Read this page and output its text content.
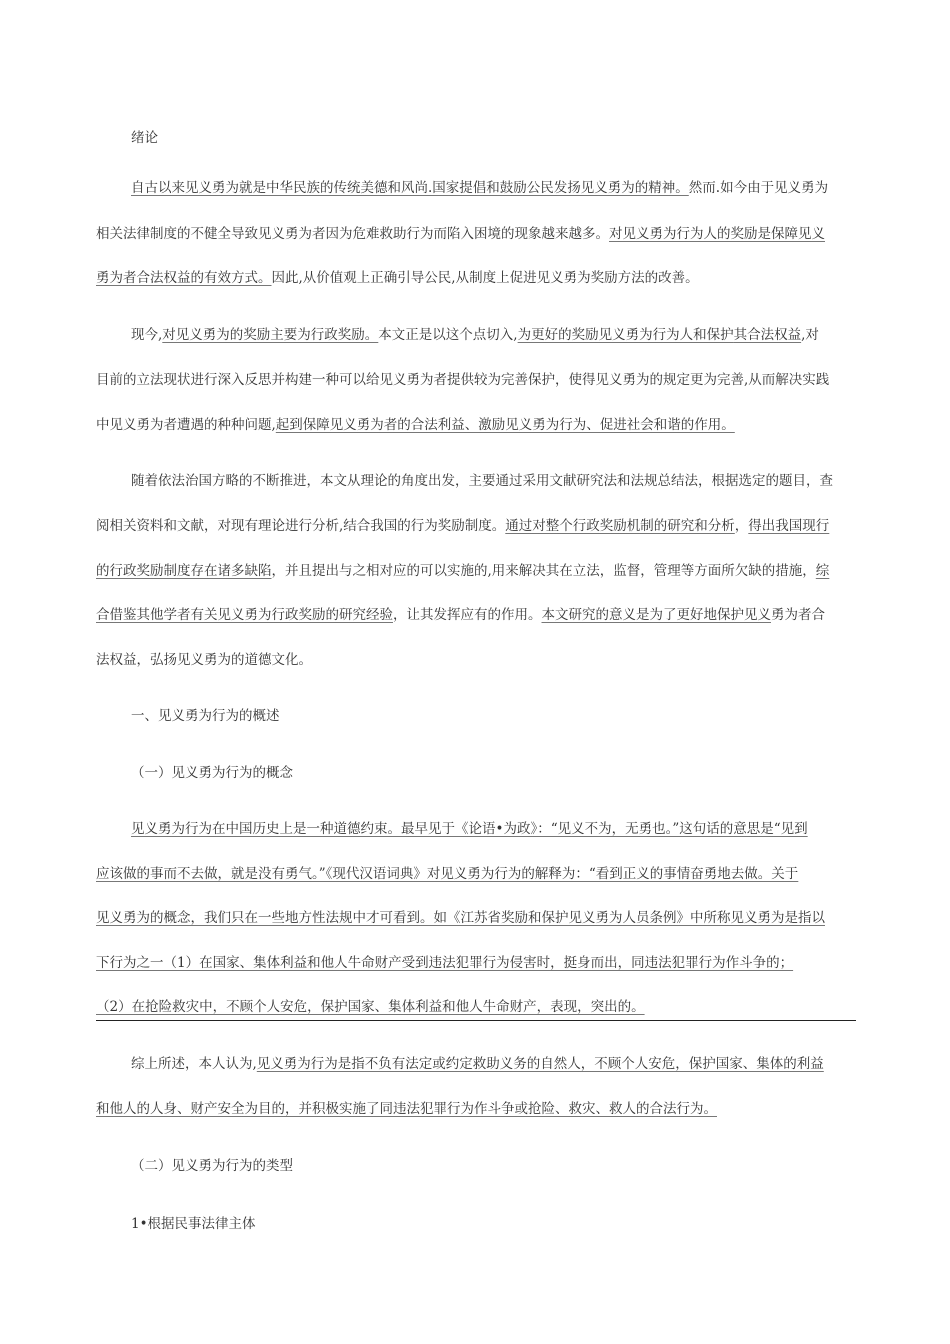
绪论
自古以来见义勇为就是中华民族的传统美德和风尚.国家提倡和鼓励公民发扬见义勇为的精神。然而.如今由于见义勇为
相关法律制度的不健全导致见义勇为者因为危难救助行为而陷入困境的现象越来越多。对见义勇为行为人的奖励是保障见义
勇为者合法权益的有效方式。因此,从价值观上正确引导公民,从制度上促进见义勇为奖励方法的改善。
现今,对见义勇为的奖励主要为行政奖励。本文正是以这个点切入,为更好的奖励见义勇为行为人和保护其合法权益,对
目前的立法现状进行深入反思并构建一种可以给见义勇为者提供较为完善保护，使得见义勇为的规定更为完善,从而解决实践
中见义勇为者遭遇的种种问题,起到保障见义勇为者的合法利益、激励见义勇为行为、促进社会和谐的作用。
随着依法治国方略的不断推进，本文从理论的角度出发，主要通过采用文献研究法和法规总结法，根据选定的题目，查
阅相关资料和文献，对现有理论进行分析,结合我国的行为奖励制度。通过对整个行政奖励机制的研究和分析，得出我国现行
的行政奖励制度存在诸多缺陷，并且提出与之相对应的可以实施的,用来解决其在立法，监督，管理等方面所欠缺的措施，综
合借鉴其他学者有关见义勇为行政奖励的研究经验，让其发挥应有的作用。本文研究的意义是为了更好地保护见义勇为者合
法权益，弘扬见义勇为的道德文化。
一、见义勇为行为的概述
（一）见义勇为行为的概念
见义勇为行为在中国历史上是一种道德约束。最早见于《论语•为政》：“见义不为，无勇也。”这句话的意思是“见到
应该做的事而不去做，就是没有勇气。”《现代汉语词典》对见义勇为行为的解释为：“看到正义的事情奋勇地去做。关于
见义勇为的概念，我们只在一些地方性法规中才可看到。如《江苏省奖励和保护见义勇为人员条例》中所称见义勇为是指以
下行为之一（1）在国家、集体利益和他人牛命财产受到违法犯罪行为侵害时，挺身而出，同违法犯罪行为作斗争的；
（2）在抢险救灾中，不顾个人安危，保护国家、集体利益和他人牛命财产，表现，突出的。
综上所述，本人认为,见义勇为行为是指不负有法定或约定救助义务的自然人，不顾个人安危，保护国家、集体的利益
和他人的人身、财产安全为目的，并积极实施了同违法犯罪行为作斗争或抢险、救灾、救人的合法行为。
（二）见义勇为行为的类型
1•根据民事法律主体
